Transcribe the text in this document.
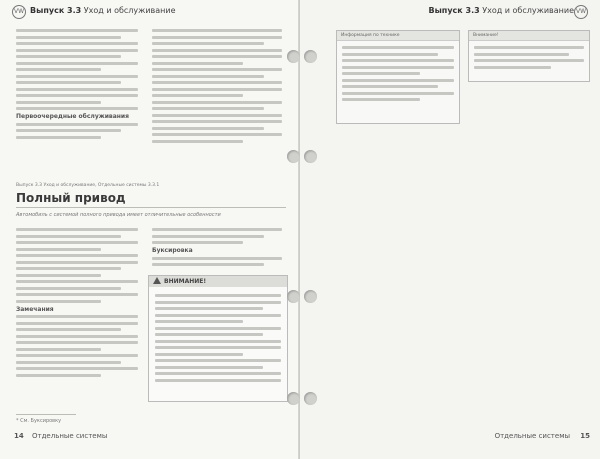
VW Выпуск 3.3 Уход и обслуживание
Первоочередные обслуживания
Выпуск 3.3 Уход и обслуживание, Отдельные системы 3.3.1
Полный привод
Автомобиль с системой полного привода имеет отличительные особенности
Замечания
Буксировка
ВНИМАНИЕ!
* См. Буксировку
14 Отдельные системы
Выпуск 3.3 Уход и обслуживание VW
Информация по технике	Внимание!
Отдельные системы 15
